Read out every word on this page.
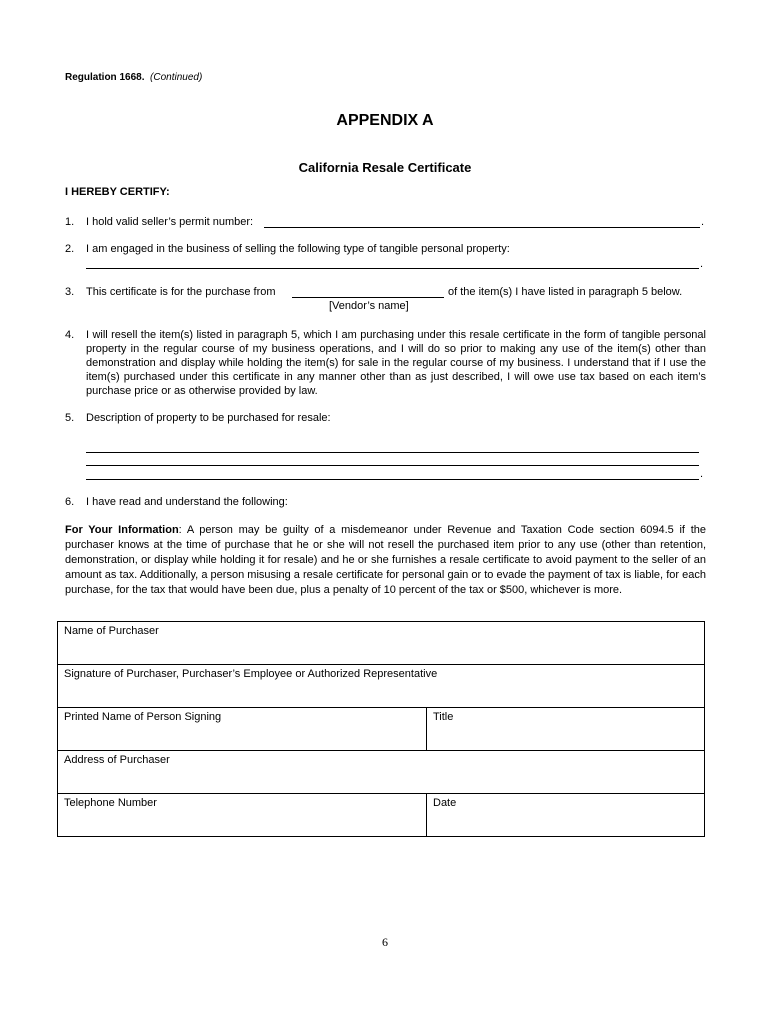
Regulation 1668. (Continued)
APPENDIX A
California Resale Certificate
I HEREBY CERTIFY:
1. I hold valid seller’s permit number:	.
2. I am engaged in the business of selling the following type of tangible personal property:
.
3. This certificate is for the purchase from	of the item(s) I have listed in paragraph 5 below.
[Vendor’s name]
4. I will resell the item(s) listed in paragraph 5, which I am purchasing under this resale certificate in the form of tangible personal property in the regular course of my business operations, and I will do so prior to making any use of the item(s) other than demonstration and display while holding the item(s) for sale in the regular course of my business. I understand that if I use the item(s) purchased under this certificate in any manner other than as just described, I will owe use tax based on each item’s purchase price or as otherwise provided by law.
5. Description of property to be purchased for resale:
.
6. I have read and understand the following:
For Your Information: A person may be guilty of a misdemeanor under Revenue and Taxation Code section 6094.5 if the purchaser knows at the time of purchase that he or she will not resell the purchased item prior to any use (other than retention, demonstration, or display while holding it for resale) and he or she furnishes a resale certificate to avoid payment to the seller of an amount as tax. Additionally, a person misusing a resale certificate for personal gain or to evade the payment of tax is liable, for each purchase, for the tax that would have been due, plus a penalty of 10 percent of the tax or $500, whichever is more.
Name of Purchaser	
Signature of Purchaser, Purchaser’s Employee or Authorized Representative	
Printed Name of Person Signing	Title
Address of Purchaser	
Telephone Number	Date
6
